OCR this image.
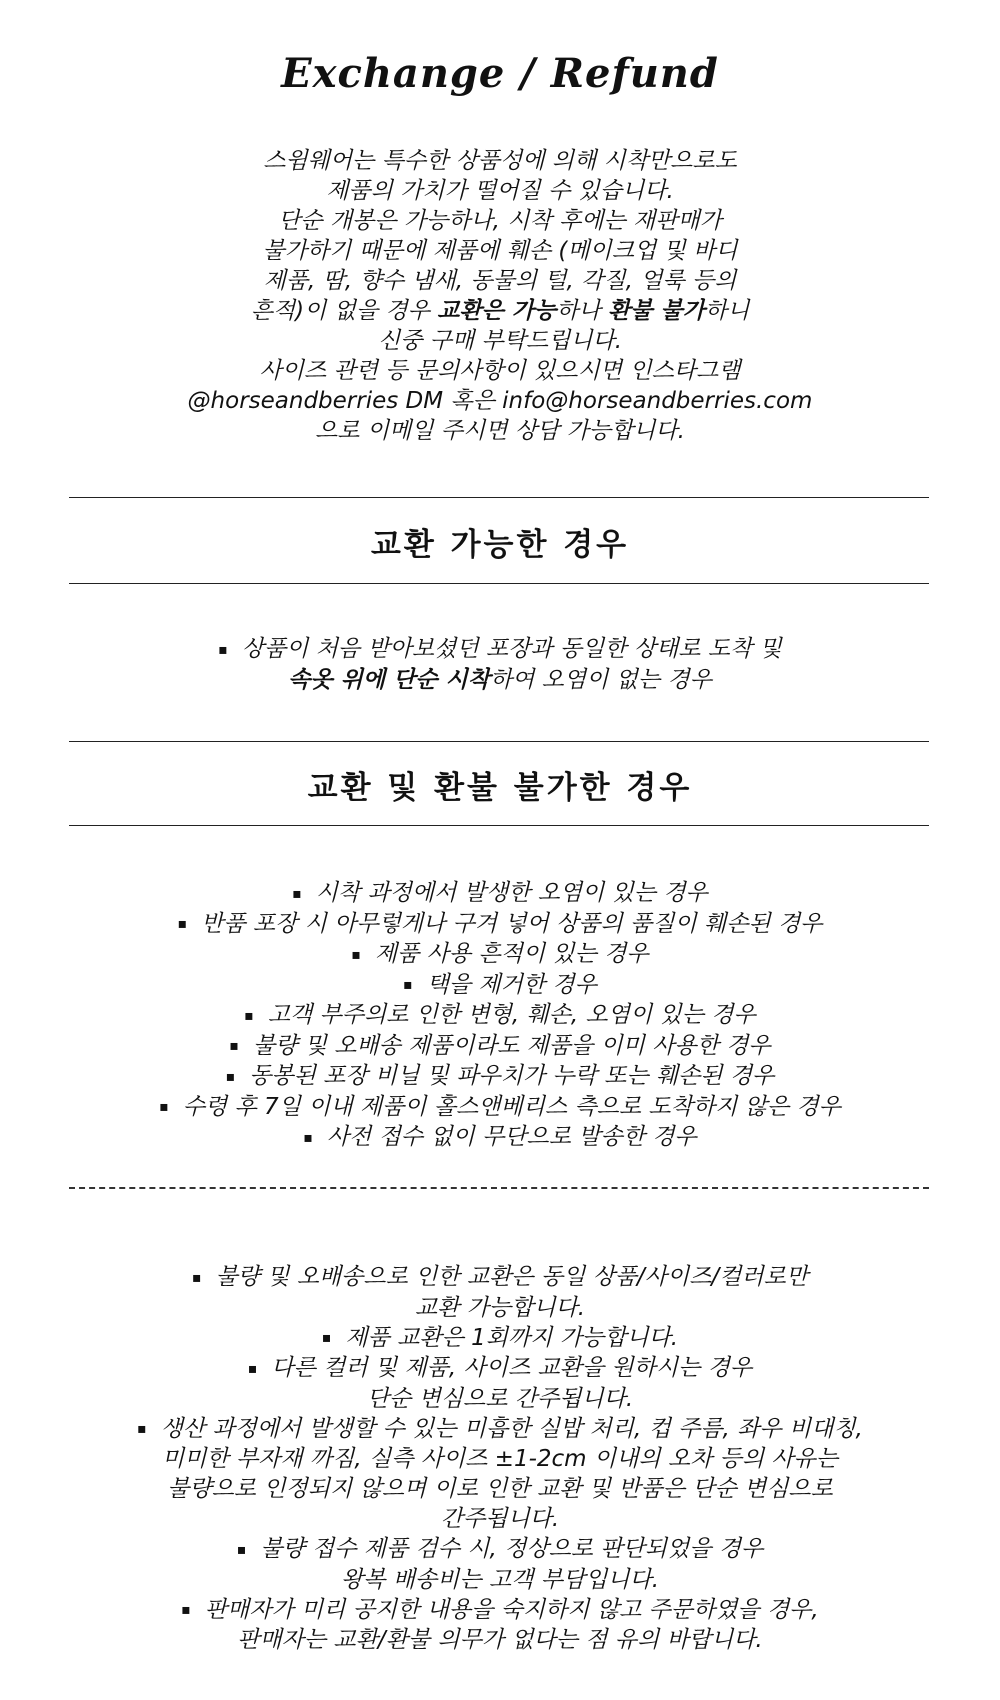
Exchange / Refund
스윔웨어는 특수한 상품성에 의해 시착만으로도
제품의 가치가 떨어질 수 있습니다.
단순 개봉은 가능하나, 시착 후에는 재판매가
불가하기 때문에 제품에 훼손 (메이크업 및 바디
제품, 땀, 향수 냄새, 동물의 털, 각질, 얼룩 등의
흔적)이 없을 경우 교환은 가능하나 환불 불가하니
신중 구매 부탁드립니다.
사이즈 관련 등 문의사항이 있으시면 인스타그램
@horseandberries DM 혹은 info@horseandberries.com
으로 이메일 주시면 상담 가능합니다.
교환 가능한 경우
▪ 상품이 처음 받아보셨던 포장과 동일한 상태로 도착 및
속옷 위에 단순 시착하여 오염이 없는 경우
교환 및 환불 불가한 경우
▪ 시착 과정에서 발생한 오염이 있는 경우
▪ 반품 포장 시 아무렇게나 구겨 넣어 상품의 품질이 훼손된 경우
▪ 제품 사용 흔적이 있는 경우
▪ 택을 제거한 경우
▪ 고객 부주의로 인한 변형, 훼손, 오염이 있는 경우
▪ 불량 및 오배송 제품이라도 제품을 이미 사용한 경우
▪ 동봉된 포장 비닐 및 파우치가 누락 또는 훼손된 경우
▪ 수령 후 7일 이내 제품이 홀스앤베리스 측으로 도착하지 않은 경우
▪ 사전 접수 없이 무단으로 발송한 경우
▪ 불량 및 오배송으로 인한 교환은 동일 상품/사이즈/컬러로만
교환 가능합니다.
▪ 제품 교환은 1회까지 가능합니다.
▪ 다른 컬러 및 제품, 사이즈 교환을 원하시는 경우
단순 변심으로 간주됩니다.
▪ 생산 과정에서 발생할 수 있는 미흡한 실밥 처리, 컵 주름, 좌우 비대칭,
미미한 부자재 까짐, 실측 사이즈 ±1-2cm 이내의 오차 등의 사유는
불량으로 인정되지 않으며 이로 인한 교환 및 반품은 단순 변심으로
간주됩니다.
▪ 불량 접수 제품 검수 시, 정상으로 판단되었을 경우
왕복 배송비는 고객 부담입니다.
▪ 판매자가 미리 공지한 내용을 숙지하지 않고 주문하였을 경우,
판매자는 교환/환불 의무가 없다는 점 유의 바랍니다.
